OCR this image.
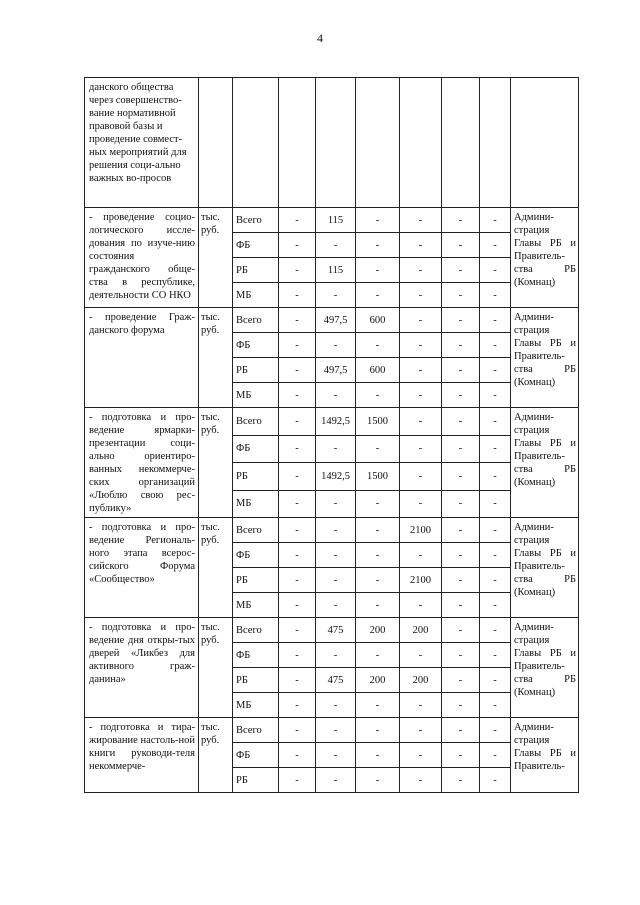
4
данского общества через совершенство-вание нормативной правовой базы и проведение совмест-ных мероприятий для решения соци-ально важных во-просов									
- проведение социо-логического иссле-дования по изуче-нию состояния гражданского обще-ства в республике, деятельности СО НКО	тыс. руб.	Всего	-	115	-	-	-	-	Админи-страция Главы РБ и Правитель-ства РБ (Комнац)
		ФБ	-	-	-	-	-	-	
		РБ	-	115	-	-	-	-	
		МБ	-	-	-	-	-	-	
- проведение Граж-данского форума	тыс. руб.	Всего	-	497,5	600	-	-	-	Админи-страция Главы РБ и Правитель-ства РБ (Комнац)
		ФБ	-	-	-	-	-	-	
		РБ	-	497,5	600	-	-	-	
		МБ	-	-	-	-	-	-	
- подготовка и про-ведение ярмарки-презентации соци-ально ориентиро-ванных некоммерче-ских организаций «Люблю свою рес-публику»	тыс. руб.	Всего	-	1492,5	1500	-	-	-	Админи-страция Главы РБ и Правитель-ства РБ (Комнац)
		ФБ	-	-	-	-	-	-	
		РБ	-	1492,5	1500	-	-	-	
		МБ	-	-	-	-	-	-	
- подготовка и про-ведение Региональ-ного этапа всерос-сийского Форума «Сообщество»	тыс. руб.	Всего	-	-	-	2100	-	-	Админи-страция Главы РБ и Правитель-ства РБ (Комнац)
		ФБ	-	-	-	-	-	-	
		РБ	-	-	-	2100	-	-	
		МБ	-	-	-	-	-	-	
- подготовка и про-ведение дня откры-тых дверей «Ликбез для активного граж-данина»	тыс. руб.	Всего	-	475	200	200	-	-	Админи-страция Главы РБ и Правитель-ства РБ (Комнац)
		ФБ	-	-	-	-	-	-	
		РБ	-	475	200	200	-	-	
		МБ	-	-	-	-	-	-	
- подготовка и тира-жирование настоль-ной книги руководи-теля некоммерче-	тыс. руб.	Всего	-	-	-	-	-	-	Админи-страция Главы РБ и Правитель-
		ФБ	-	-	-	-	-	-	
		РБ	-	-	-	-	-	-	
